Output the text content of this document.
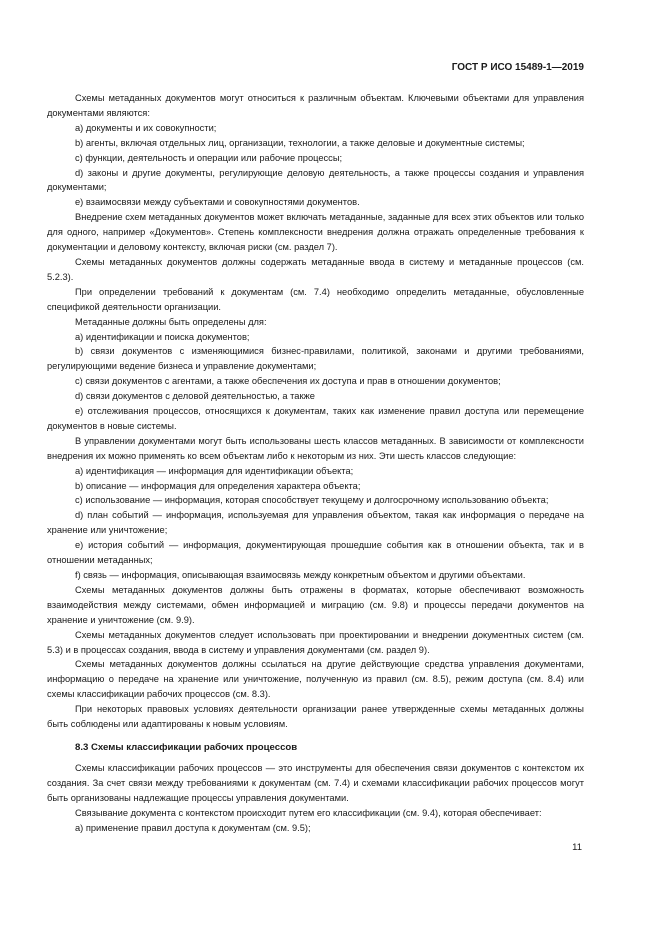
ГОСТ Р ИСО 15489-1—2019

Схемы метаданных документов могут относиться к различным объектам. Ключевыми объектами для управления документами являются:

a) документы и их совокупности;

b) агенты, включая отдельных лиц, организации, технологии, а также деловые и документные системы;

c) функции, деятельность и операции или рабочие процессы;

d) законы и другие документы, регулирующие деловую деятельность, а также процессы создания и управления документами;

e) взаимосвязи между субъектами и совокупностями документов.

Внедрение схем метаданных документов может включать метаданные, заданные для всех этих объектов или только для одного, например «Документов». Степень комплексности внедрения должна отражать определенные требования к документации и деловому контексту, включая риски (см. раздел 7).

Схемы метаданных документов должны содержать метаданные ввода в систему и метаданные процессов (см. 5.2.3).

При определении требований к документам (см. 7.4) необходимо определить метаданные, обусловленные спецификой деятельности организации.

Метаданные должны быть определены для:

a) идентификации и поиска документов;

b) связи документов с изменяющимися бизнес-правилами, политикой, законами и другими требованиями, регулирующими ведение бизнеса и управление документами;

c) связи документов с агентами, а также обеспечения их доступа и прав в отношении документов;

d) связи документов с деловой деятельностью, а также

e) отслеживания процессов, относящихся к документам, таких как изменение правил доступа или перемещение документов в новые системы.

В управлении документами могут быть использованы шесть классов метаданных. В зависимости от комплексности внедрения их можно применять ко всем объектам либо к некоторым из них. Эти шесть классов следующие:

a) идентификация — информация для идентификации объекта;

b) описание — информация для определения характера объекта;

c) использование — информация, которая способствует текущему и долгосрочному использованию объекта;

d) план событий — информация, используемая для управления объектом, такая как информация о передаче на хранение или уничтожение;

e) история событий — информация, документирующая прошедшие события как в отношении объекта, так и в отношении метаданных;

f) связь — информация, описывающая взаимосвязь между конкретным объектом и другими объектами.

Схемы метаданных документов должны быть отражены в форматах, которые обеспечивают возможность взаимодействия между системами, обмен информацией и миграцию (см. 9.8) и процессы передачи документов на хранение и уничтожение (см. 9.9).

Схемы метаданных документов следует использовать при проектировании и внедрении документных систем (см. 5.3) и в процессах создания, ввода в систему и управления документами (см. раздел 9).

Схемы метаданных документов должны ссылаться на другие действующие средства управления документами, информацию о передаче на хранение или уничтожение, полученную из правил (см. 8.5), режим доступа (см. 8.4) или схемы классификации рабочих процессов (см. 8.3).

При некоторых правовых условиях деятельности организации ранее утвержденные схемы метаданных должны быть соблюдены или адаптированы к новым условиям.

8.3 Схемы классификации рабочих процессов

Схемы классификации рабочих процессов — это инструменты для обеспечения связи документов с контекстом их создания. За счет связи между требованиями к документам (см. 7.4) и схемами классификации рабочих процессов могут быть организованы надлежащие процессы управления документами.

Связывание документа с контекстом происходит путем его классификации (см. 9.4), которая обеспечивает:

a) применение правил доступа к документам (см. 9.5);

11
